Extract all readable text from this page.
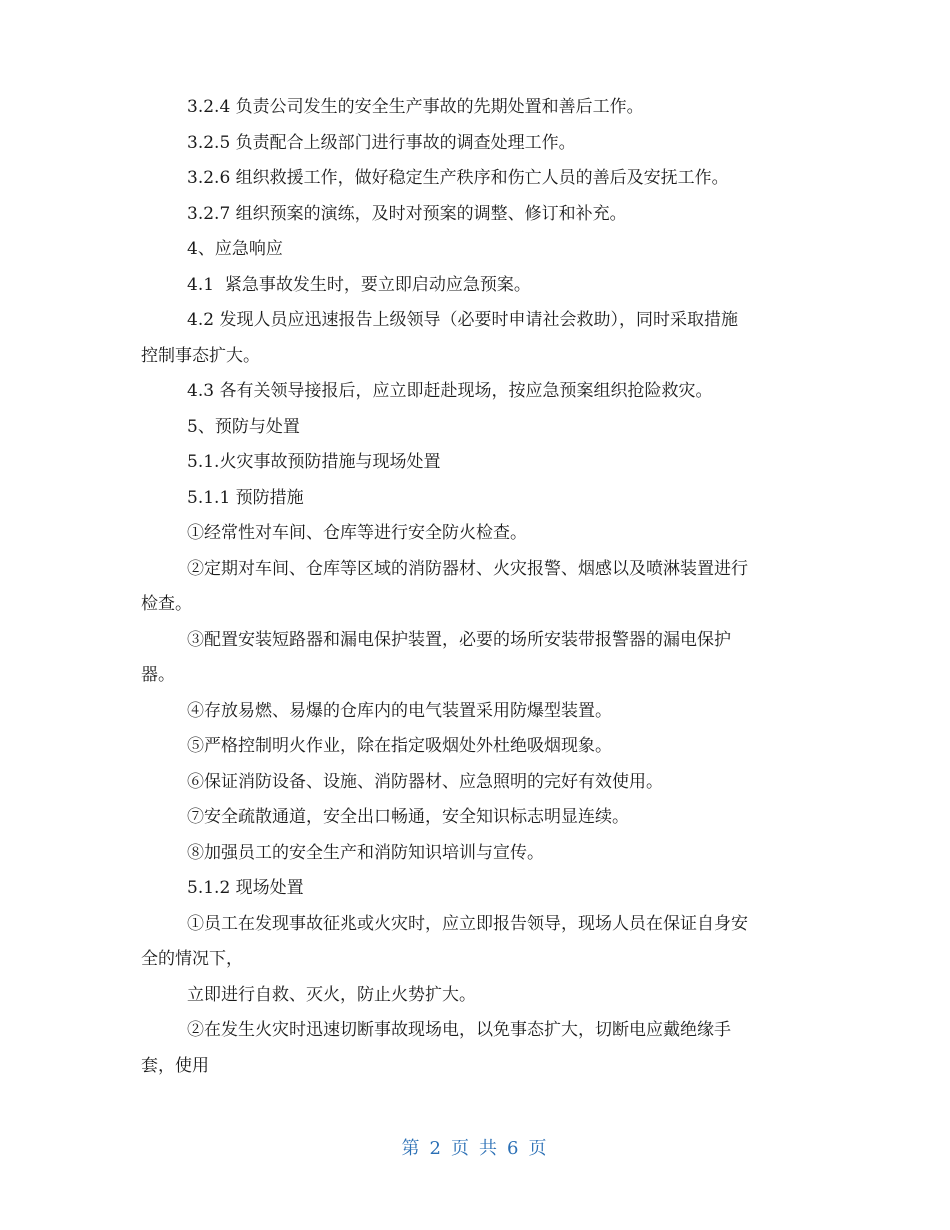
3.2.4 负责公司发生的安全生产事故的先期处置和善后工作。

3.2.5 负责配合上级部门进行事故的调查处理工作。

3.2.6 组织救援工作，做好稳定生产秩序和伤亡人员的善后及安抚工作。

3.2.7 组织预案的演练，及时对预案的调整、修订和补充。

4、应急响应

4.1  紧急事故发生时，要立即启动应急预案。

4.2 发现人员应迅速报告上级领导（必要时申请社会救助），同时采取措施
控制事态扩大。

4.3 各有关领导接报后，应立即赶赴现场，按应急预案组织抢险救灾。

5、预防与处置

5.1.火灾事故预防措施与现场处置

5.1.1 预防措施

①经常性对车间、仓库等进行安全防火检查。

②定期对车间、仓库等区域的消防器材、火灾报警、烟感以及喷淋装置进行
检查。

③配置安装短路器和漏电保护装置，必要的场所安装带报警器的漏电保护
器。

④存放易燃、易爆的仓库内的电气装置采用防爆型装置。

⑤严格控制明火作业，除在指定吸烟处外杜绝吸烟现象。

⑥保证消防设备、设施、消防器材、应急照明的完好有效使用。

⑦安全疏散通道，安全出口畅通，安全知识标志明显连续。

⑧加强员工的安全生产和消防知识培训与宣传。

5.1.2 现场处置

①员工在发现事故征兆或火灾时，应立即报告领导，现场人员在保证自身安
全的情况下，

立即进行自救、灭火，防止火势扩大。

②在发生火灾时迅速切断事故现场电，以免事态扩大，切断电应戴绝缘手
套，使用

第 2 页 共 6 页
